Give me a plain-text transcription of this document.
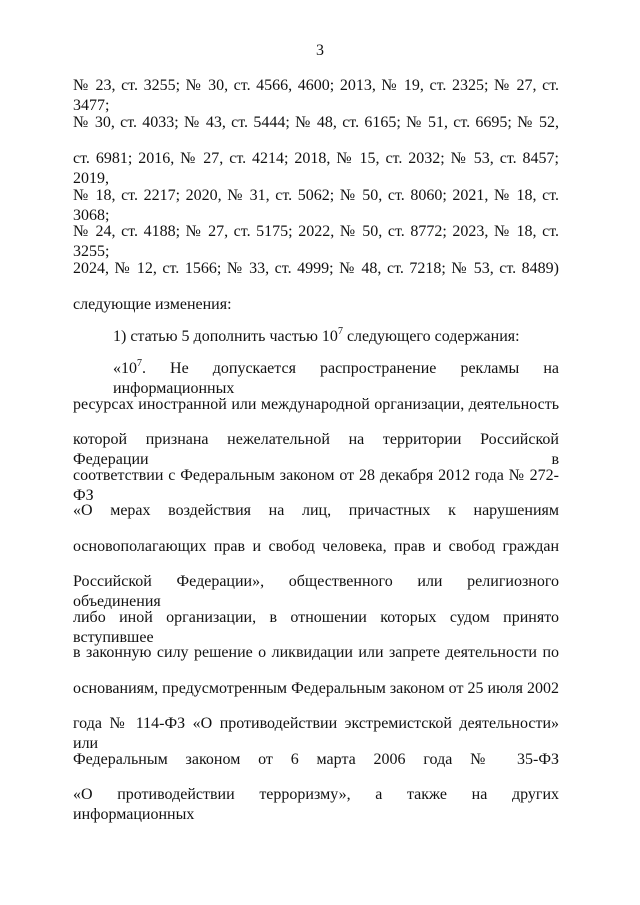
3
№ 23, ст. 3255; № 30, ст. 4566, 4600; 2013, № 19, ст. 2325; № 27, ст. 3477;
№ 30, ст. 4033; № 43, ст. 5444; № 48, ст. 6165; № 51, ст. 6695; № 52,
ст. 6981; 2016, № 27, ст. 4214; 2018, № 15, ст. 2032; № 53, ст. 8457; 2019,
№ 18, ст. 2217; 2020, № 31, ст. 5062; № 50, ст. 8060; 2021, № 18, ст. 3068;
№ 24, ст. 4188; № 27, ст. 5175; 2022, № 50, ст. 8772; 2023, № 18, ст. 3255;
2024, № 12, ст. 1566; № 33, ст. 4999; № 48, ст. 7218; № 53, ст. 8489)
следующие изменения:
1) статью 5 дополнить частью $10^7$ следующего содержания:
«$10^7$. Не допускается распространение рекламы на информационных
ресурсах иностранной или международной организации, деятельность
которой признана нежелательной на территории Российской Федерации в
соответствии с Федеральным законом от 28 декабря 2012 года № 272-ФЗ
«О мерах воздействия на лиц, причастных к нарушениям
основополагающих прав и свобод человека, прав и свобод граждан
Российской Федерации», общественного или религиозного объединения
либо иной организации, в отношении которых судом принято вступившее
в законную силу решение о ликвидации или запрете деятельности по
основаниям, предусмотренным Федеральным законом от 25 июля 2002
года № 114-ФЗ «О противодействии экстремистской деятельности» или
Федеральным законом от 6 марта 2006 года № 35-ФЗ
«О противодействии терроризму», а также на других информационных
